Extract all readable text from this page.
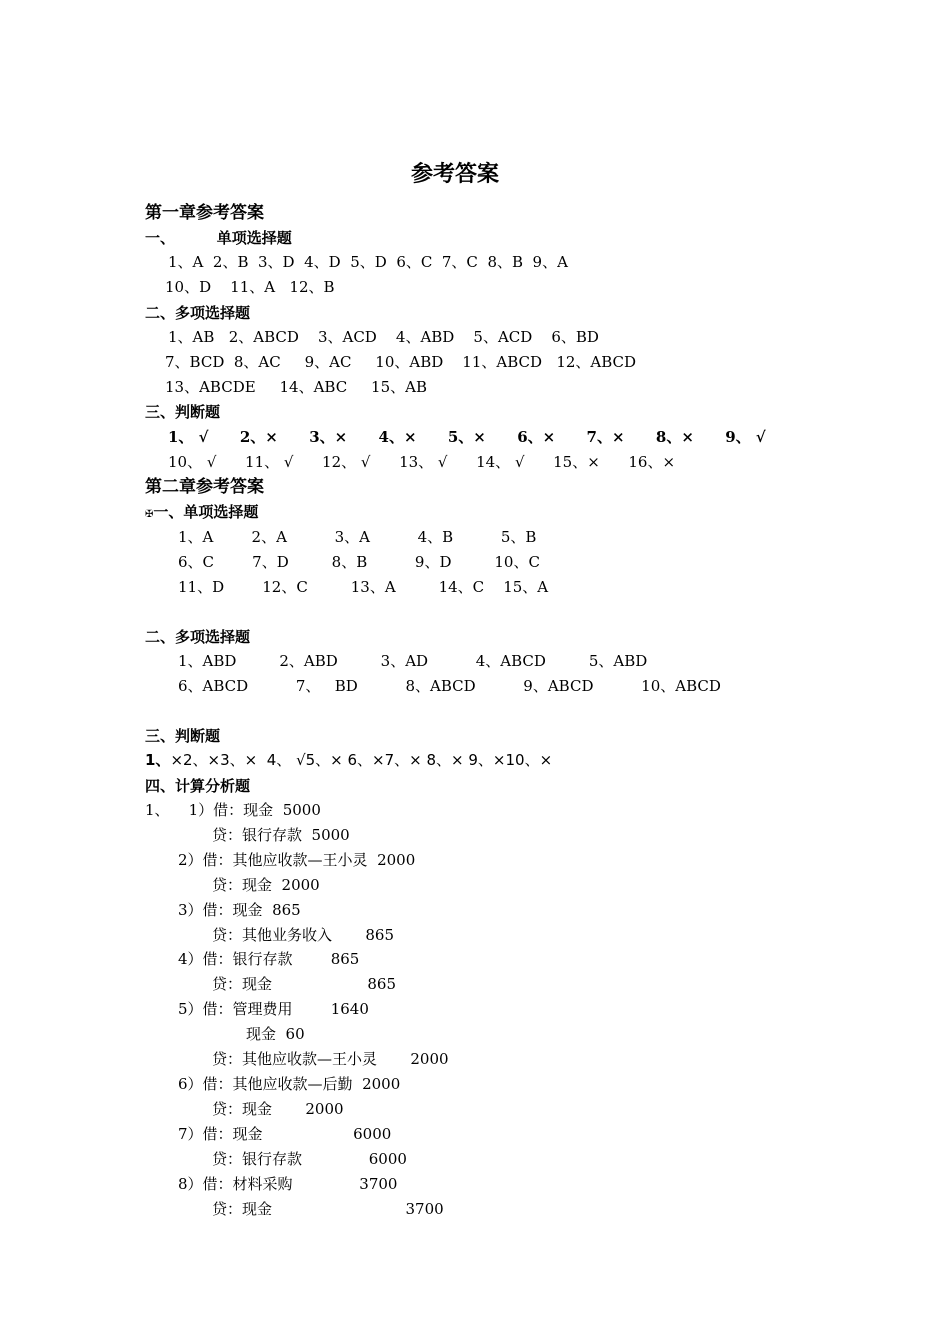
参考答案
第一章参考答案
一、        单项选择题
1、A  2、B  3、D  4、D  5、D  6、C  7、C  8、B  9、A
10、D    11、A   12、B
二、多项选择题
1、AB   2、ABCD    3、ACD    4、ABD    5、ACD    6、BD
7、BCD  8、AC     9、AC     10、ABD    11、ABCD   12、ABCD
13、ABCDE     14、ABC     15、AB
三、判断题
1、 √      2、×      3、×      4、×      5、×      6、×      7、×      8、×      9、 √
10、 √      11、 √      12、 √      13、 √      14、 √      15、×      16、×
第二章参考答案
✠一、单项选择题
1、A        2、A          3、A          4、B          5、B
6、C        7、D         8、B          9、D         10、C
11、D        12、C         13、A         14、C    15、A
二、多项选择题
1、ABD         2、ABD         3、AD          4、ABCD         5、ABD
6、ABCD          7、   BD          8、ABCD          9、ABCD          10、ABCD
三、判断题
1、×2、×3、×  4、 √5、× 6、×7、× 8、× 9、×10、×
四、计算分析题
1、    1）借：现金  5000
贷：银行存款  5000
2）借：其他应收款—王小灵  2000
贷：现金  2000
3）借：现金  865
贷：其他业务收入       865
4）借：银行存款        865
贷：现金                    865
5）借：管理费用        1640
现金  60
贷：其他应收款—王小灵       2000
6）借：其他应收款—后勤  2000
贷：现金       2000
7）借：现金                   6000
贷：银行存款              6000
8）借：材料采购              3700
贷：现金                            3700
